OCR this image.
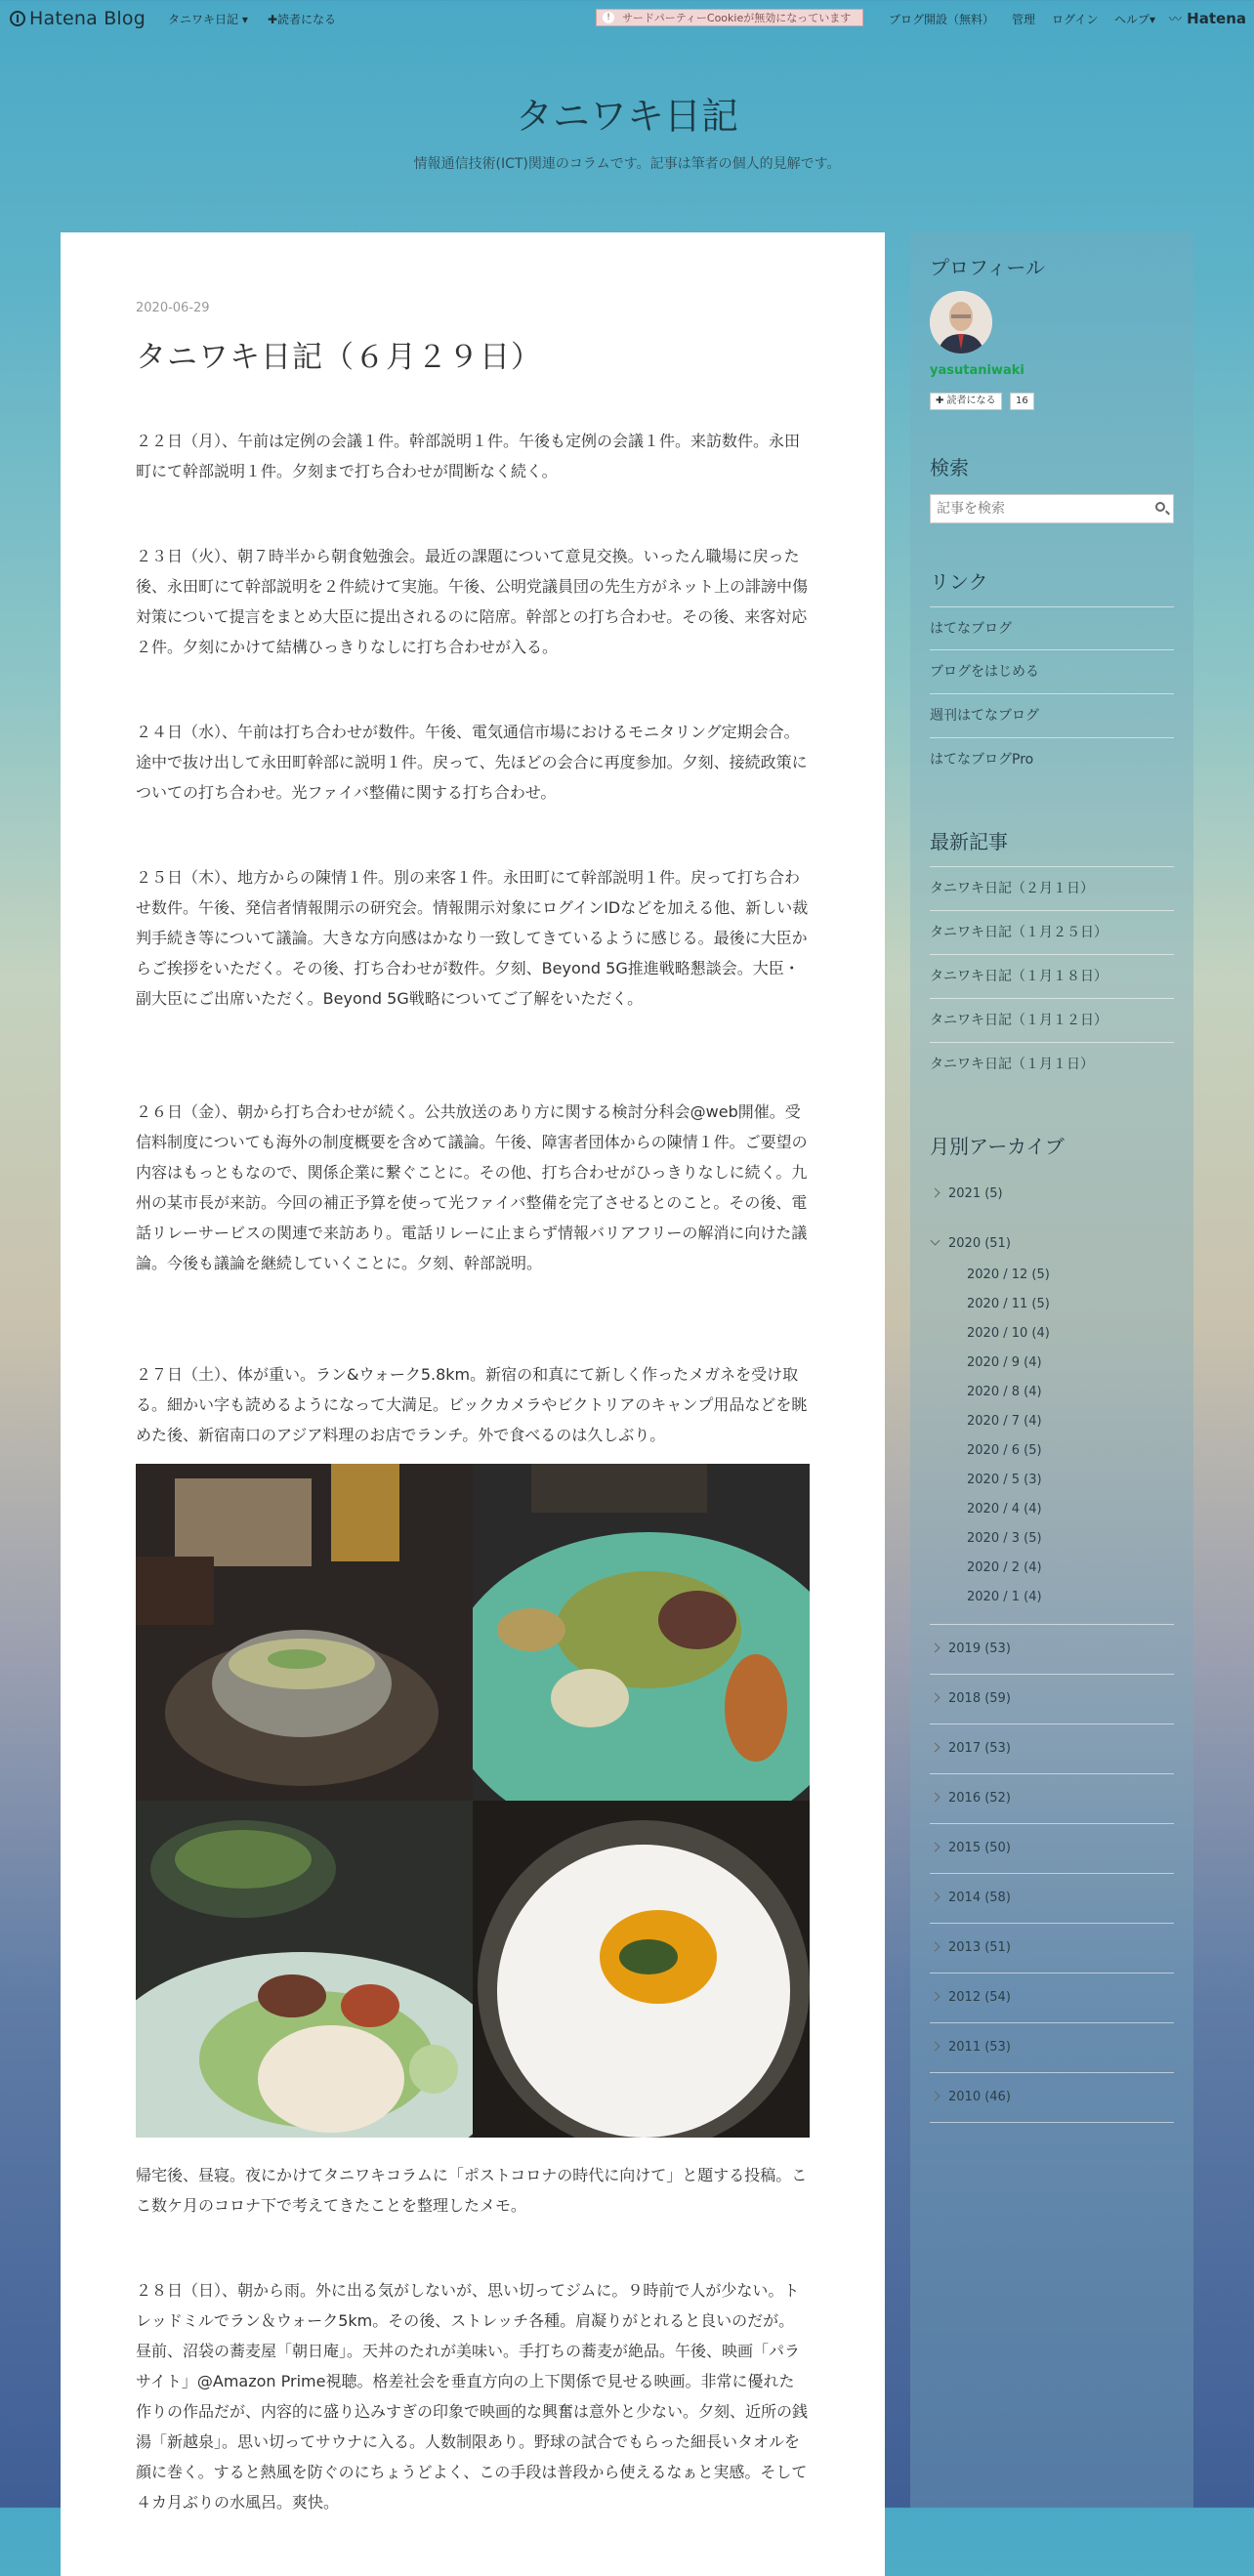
Hatena Blog タニワキ日記 ▾ ✚読者になる	!	サードパーティーCookieが無効になっています	ブログ開設（無料） 管理 ログイン ヘルプ▾ 〰 Hatena
タニワキ日記
情報通信技術(ICT)関連のコラムです。記事は筆者の個人的見解です。
2020-06-29
タニワキ日記（６月２９日）

２２日（月）、午前は定例の会議１件。幹部説明１件。午後も定例の会議１件。来訪数件。永田町にて幹部説明１件。夕刻まで打ち合わせが間断なく続く。

２３日（火）、朝７時半から朝食勉強会。最近の課題について意見交換。いったん職場に戻った後、永田町にて幹部説明を２件続けて実施。午後、公明党議員団の先生方がネット上の誹謗中傷対策について提言をまとめ大臣に提出されるのに陪席。幹部との打ち合わせ。その後、来客対応２件。夕刻にかけて結構ひっきりなしに打ち合わせが入る。

２４日（水）、午前は打ち合わせが数件。午後、電気通信市場におけるモニタリング定期会合。途中で抜け出して永田町幹部に説明１件。戻って、先ほどの会合に再度参加。夕刻、接続政策についての打ち合わせ。光ファイバ整備に関する打ち合わせ。

２５日（木）、地方からの陳情１件。別の来客１件。永田町にて幹部説明１件。戻って打ち合わせ数件。午後、発信者情報開示の研究会。情報開示対象にログインIDなどを加える他、新しい裁判手続き等について議論。大きな方向感はかなり一致してきているように感じる。最後に大臣からご挨拶をいただく。その後、打ち合わせが数件。夕刻、Beyond 5G推進戦略懇談会。大臣・副大臣にご出席いただく。Beyond 5G戦略についてご了解をいただく。

２６日（金）、朝から打ち合わせが続く。公共放送のあり方に関する検討分科会@web開催。受信料制度についても海外の制度概要を含めて議論。午後、障害者団体からの陳情１件。ご要望の内容はもっともなので、関係企業に繋ぐことに。その他、打ち合わせがひっきりなしに続く。九州の某市長が来訪。今回の補正予算を使って光ファイバ整備を完了させるとのこと。その後、電話リレーサービスの関連で来訪あり。電話リレーに止まらず情報バリアフリーの解消に向けた議論。今後も議論を継続していくことに。夕刻、幹部説明。

２７日（土）、体が重い。ラン&ウォーク5.8km。新宿の和真にて新しく作ったメガネを受け取る。細かい字も読めるようになって大満足。ビックカメラやビクトリアのキャンプ用品などを眺めた後、新宿南口のアジア料理のお店でランチ。外で食べるのは久しぶり。

帰宅後、昼寝。夜にかけてタニワキコラムに「ポストコロナの時代に向けて」と題する投稿。ここ数ケ月のコロナ下で考えてきたことを整理したメモ。

２８日（日）、朝から雨。外に出る気がしないが、思い切ってジムに。９時前で人が少ない。トレッドミルでラン＆ウォーク5km。その後、ストレッチ各種。肩凝りがとれると良いのだが。昼前、沼袋の蕎麦屋「朝日庵」。天丼のたれが美味い。手打ちの蕎麦が絶品。午後、映画「パラサイト」@Amazon Prime視聴。格差社会を垂直方向の上下関係で見せる映画。非常に優れた作りの作品だが、内容的に盛り込みすぎの印象で映画的な興奮は意外と少ない。夕刻、近所の銭湯「新越泉」。思い切ってサウナに入る。人数制限あり。野球の試合でもらった細長いタオルを顔に巻く。すると熱風を防ぐのにちょうどよく、この手段は普段から使えるなぁと実感。そして４カ月ぶりの水風呂。爽快。

プロフィール
yasutaniwaki
✚ 読者になる	16
検索
記事を検索
リンク
はてなブログ
ブログをはじめる
週刊はてなブログ
はてなブログPro
最新記事
タニワキ日記（２月１日）
タニワキ日記（１月２５日）
タニワキ日記（１月１８日）
タニワキ日記（１月１２日）
タニワキ日記（１月１日）
月別アーカイブ
2021 (5)
2020 (51)
2020 / 12 (5)
2020 / 11 (5)
2020 / 10 (4)
2020 / 9 (4)
2020 / 8 (4)
2020 / 7 (4)
2020 / 6 (5)
2020 / 5 (3)
2020 / 4 (4)
2020 / 3 (5)
2020 / 2 (4)
2020 / 1 (4)
2019 (53)
2018 (59)
2017 (53)
2016 (52)
2015 (50)
2014 (58)
2013 (51)
2012 (54)
2011 (53)
2010 (46)
